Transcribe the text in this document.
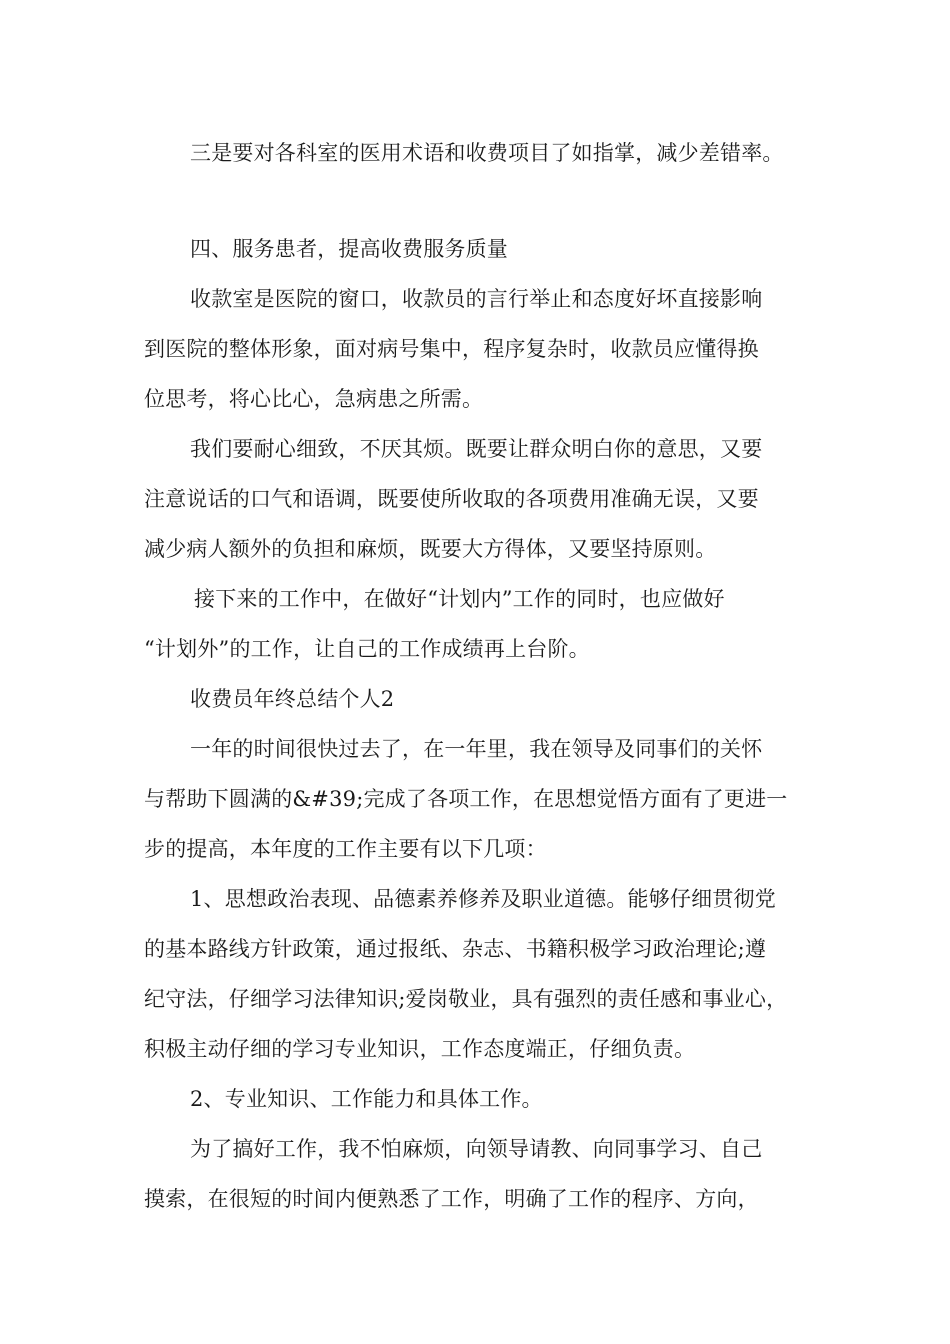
三是要对各科室的医用术语和收费项目了如指掌，减少差错率。
四、服务患者，提高收费服务质量
收款室是医院的窗口，收款员的言行举止和态度好坏直接影响
到医院的整体形象，面对病号集中，程序复杂时，收款员应懂得换
位思考，将心比心，急病患之所需。
我们要耐心细致，不厌其烦。既要让群众明白你的意思，又要
注意说话的口气和语调，既要使所收取的各项费用准确无误，又要
减少病人额外的负担和麻烦，既要大方得体，又要坚持原则。
接下来的工作中，在做好“计划内”工作的同时，也应做好
“计划外”的工作，让自己的工作成绩再上台阶。
收费员年终总结个人2
一年的时间很快过去了，在一年里，我在领导及同事们的关怀
与帮助下圆满的&#39;完成了各项工作，在思想觉悟方面有了更进一
步的提高，本年度的工作主要有以下几项：
1、思想政治表现、品德素养修养及职业道德。能够仔细贯彻党
的基本路线方针政策，通过报纸、杂志、书籍积极学习政治理论;遵
纪守法，仔细学习法律知识;爱岗敬业，具有强烈的责任感和事业心，
积极主动仔细的学习专业知识，工作态度端正，仔细负责。
2、专业知识、工作能力和具体工作。
为了搞好工作，我不怕麻烦，向领导请教、向同事学习、自己
摸索，在很短的时间内便熟悉了工作，明确了工作的程序、方向，
